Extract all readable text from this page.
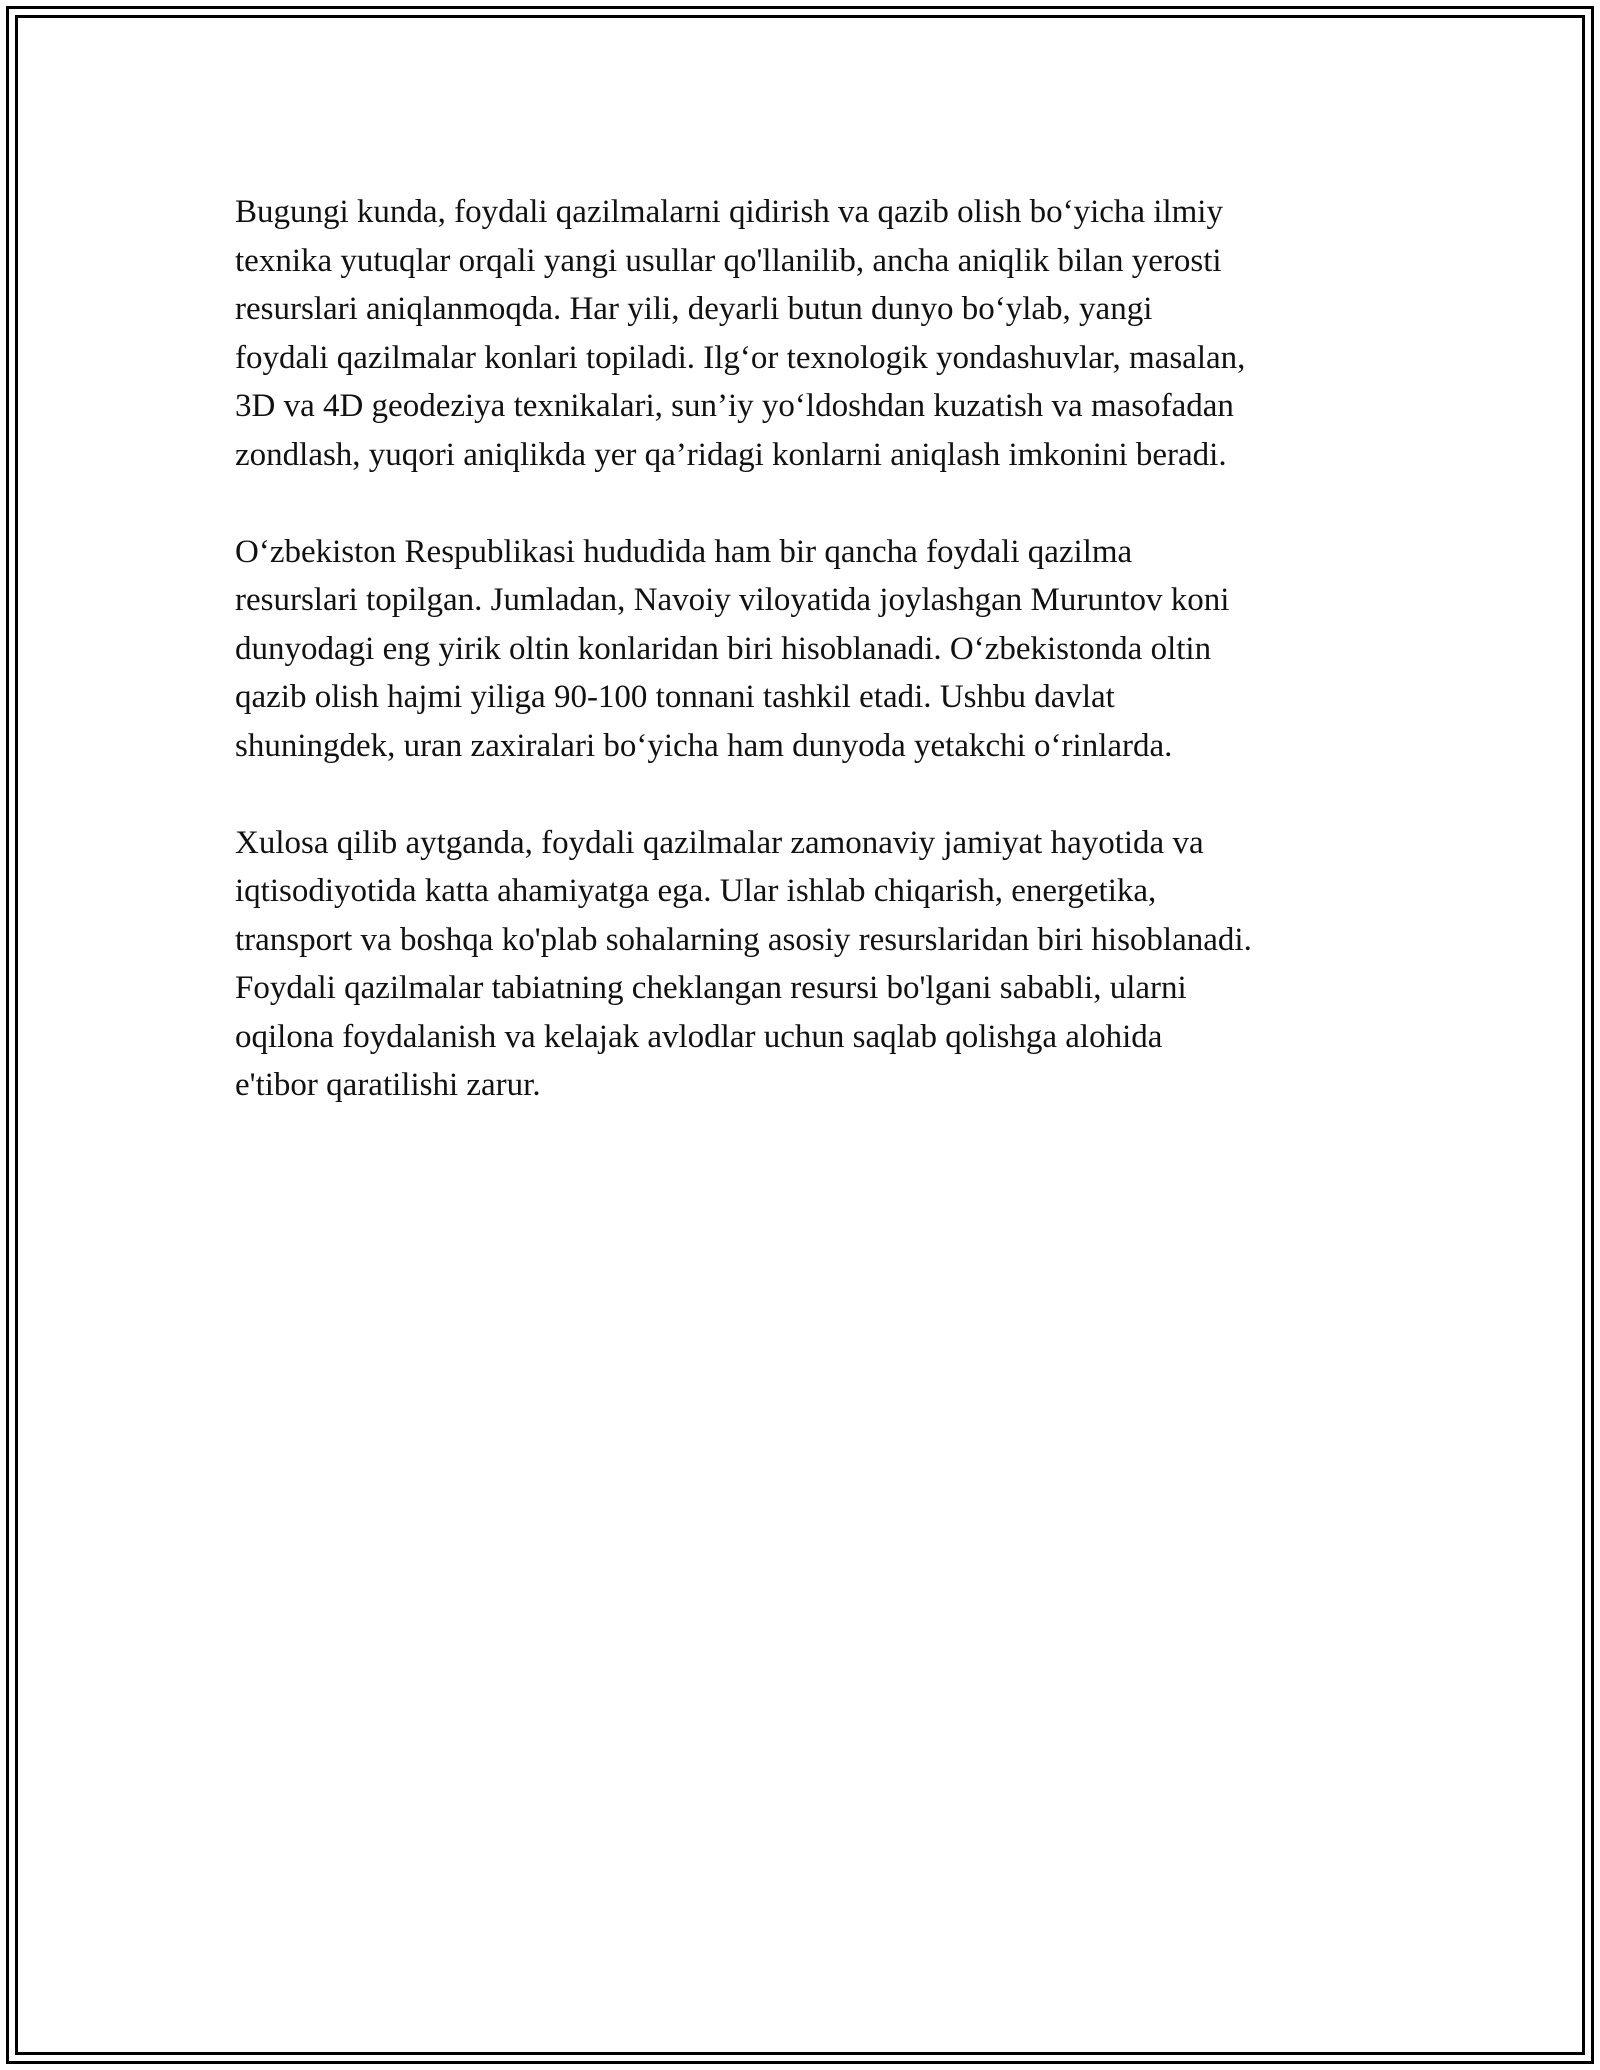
Bugungi kunda, foydali qazilmalarni qidirish va qazib olish bo‘yicha ilmiy
texnika yutuqlar orqali yangi usullar qo'llanilib, ancha aniqlik bilan yerosti
resurslari aniqlanmoqda. Har yili, deyarli butun dunyo bo‘ylab, yangi
foydali qazilmalar konlari topiladi. Ilg‘or texnologik yondashuvlar, masalan,
3D va 4D geodeziya texnikalari, sun’iy yo‘ldoshdan kuzatish va masofadan
zondlash, yuqori aniqlikda yer qa’ridagi konlarni aniqlash imkonini beradi.

O‘zbekiston Respublikasi hududida ham bir qancha foydali qazilma
resurslari topilgan. Jumladan, Navoiy viloyatida joylashgan Muruntov koni
dunyodagi eng yirik oltin konlaridan biri hisoblanadi. O‘zbekistonda oltin
qazib olish hajmi yiliga 90-100 tonnani tashkil etadi. Ushbu davlat
shuningdek, uran zaxiralari bo‘yicha ham dunyoda yetakchi o‘rinlarda.

Xulosa qilib aytganda, foydali qazilmalar zamonaviy jamiyat hayotida va
iqtisodiyotida katta ahamiyatga ega. Ular ishlab chiqarish, energetika,
transport va boshqa ko'plab sohalarning asosiy resurslaridan biri hisoblanadi.
Foydali qazilmalar tabiatning cheklangan resursi bo'lgani sababli, ularni
oqilona foydalanish va kelajak avlodlar uchun saqlab qolishga alohida
e'tibor qaratilishi zarur.
